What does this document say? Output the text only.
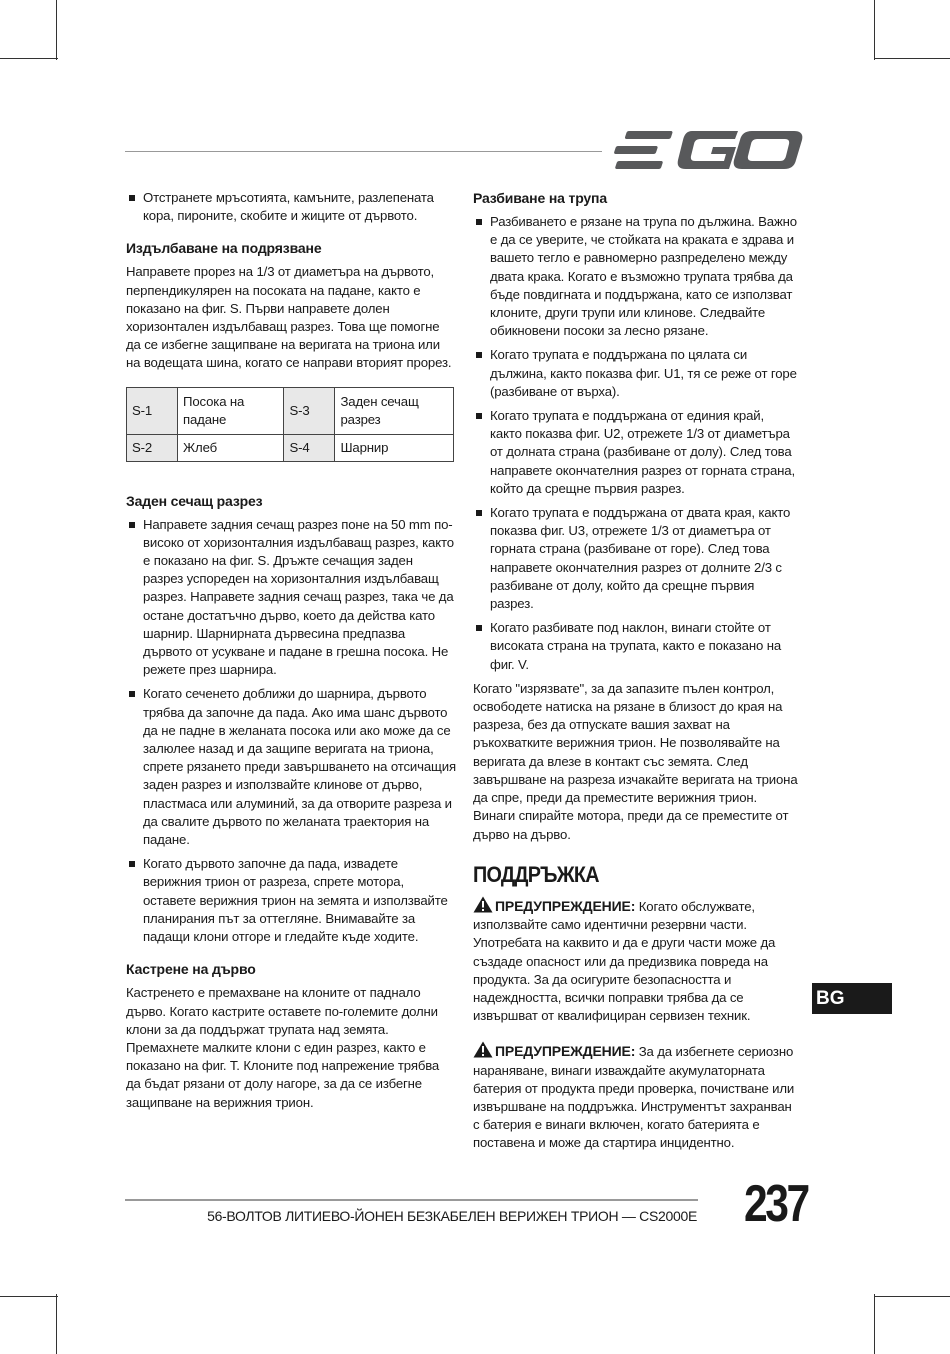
Отстранете мръсотията, камъните, разлепената кора, пироните, скобите и жиците от дървото.
Издълбаване на подрязване

Направете прорез на 1/3 от диаметъра на дървото, перпендикулярен на посоката на падане, както е показано на фиг. S. Първи направете долен хоризонтален издълбаващ разрез. Това ще помогне да се избегне защипване на веригата на триона или на водещата шина, когато се направи вторият прорез.

S-1	Посока на падане	S-3	Заден сечащ разрез
S-2	Жлеб	S-4	Шарнир
Заден сечащ разрез
Направете задния сечащ разрез поне на 50 mm по-високо от хоризонталния издълбаващ разрез, както е показано на фиг. S. Дръжте сечащия заден разрез успореден на хоризонталния издълбаващ разрез. Направете задния сечащ разрез, така че да остане достатъчно дърво, което да действа като шарнир. Шарнирната дървесина предпазва дървото от усукване и падане в грешна посока. Не режете през шарнира.
Когато сеченето доближи до шарнира, дървото трябва да започне да пада. Ако има шанс дървото да не падне в желаната посока или ако може да се залюлее назад и да защипе веригата на триона, спрете рязането преди завършването на отсичащия заден разрез и използвайте клинове от дърво, пластмаса или алуминий, за да отворите разреза и да свалите дървото по желаната траектория на падане.
Когато дървото започне да пада, извадете верижния трион от разреза, спрете мотора, оставете верижния трион на земята и използвайте планирания път за оттегляне. Внимавайте за падащи клони отгоре и гледайте къде ходите.
Кастрене на дърво

Кастренето е премахване на клоните от паднало дърво. Когато кастрите оставете по-големите долни клони за да поддържат трупата над земята. Премахнете малките клони с един разрез, както е показано на фиг. T. Клоните под напрежение трябва да бъдат рязани от долу нагоре, за да се избегне защипване на верижния трион.

Разбиване на трупа
Разбиването е рязане на трупа по дължина. Важно е да се уверите, че стойката на краката е здрава и вашето тегло е равномерно разпределено между двата крака. Когато е възможно трупата трябва да бъде повдигната и поддържана, като се използват клоните, други трупи или клинове. Следвайте обикновени посоки за лесно рязане.
Когато трупата е поддържана по цялата си дължина, както показва фиг. U1, тя се реже от горе (разбиване от върха).
Когато трупата е поддържана от единия край, както показва фиг. U2, отрежете 1/3 от диаметъра от долната страна (разбиване от долу). След това направете окончателния разрез от горната страна, който да срещне първия разрез.
Когато трупата е поддържана от двата края, както показва фиг. U3, отрежете 1/3 от диаметъра от горната страна (разбиване от горе). След това направете окончателния разрез от долните 2/3 с разбиване от долу, който да срещне първия разрез.
Когато разбивате под наклон, винаги стойте от високата страна на трупата, както е показано на фиг. V.

Когато "изрязвате", за да запазите пълен контрол, освободете натиска на рязане в близост до края на разреза, без да отпускате вашия захват на ръкохватките верижния трион. Не позволявайте на веригата да влезе в контакт със земята. След завършване на разреза изчакайте веригата на триона да спре, преди да преместите верижния трион. Винаги спирайте мотора, преди да се преместите от дърво на дърво.

ПОДДРЪЖКА

ПРЕДУПРЕЖДЕНИЕ: Когато обслужвате, използвайте само идентични резервни части. Употребата на каквито и да е други части може да създаде опасност или да предизвика повреда на продукта. За да осигурите безопасността и надеждността, всички поправки трябва да се извършват от квалифициран сервизен техник.

ПРЕДУПРЕЖДЕНИЕ: За да избегнете сериозно нараняване, винаги изваждайте акумулаторната батерия от продукта преди проверка, почистване или извършване на поддръжка. Инструментът захранван с батерия е винаги включен, когато батерията е поставена и може да стартира инцидентно.

BG
56-ВОЛТОВ ЛИТИЕВО-ЙОНЕН БЕЗКАБЕЛЕН ВЕРИЖЕН ТРИОН — CS2000E 237
